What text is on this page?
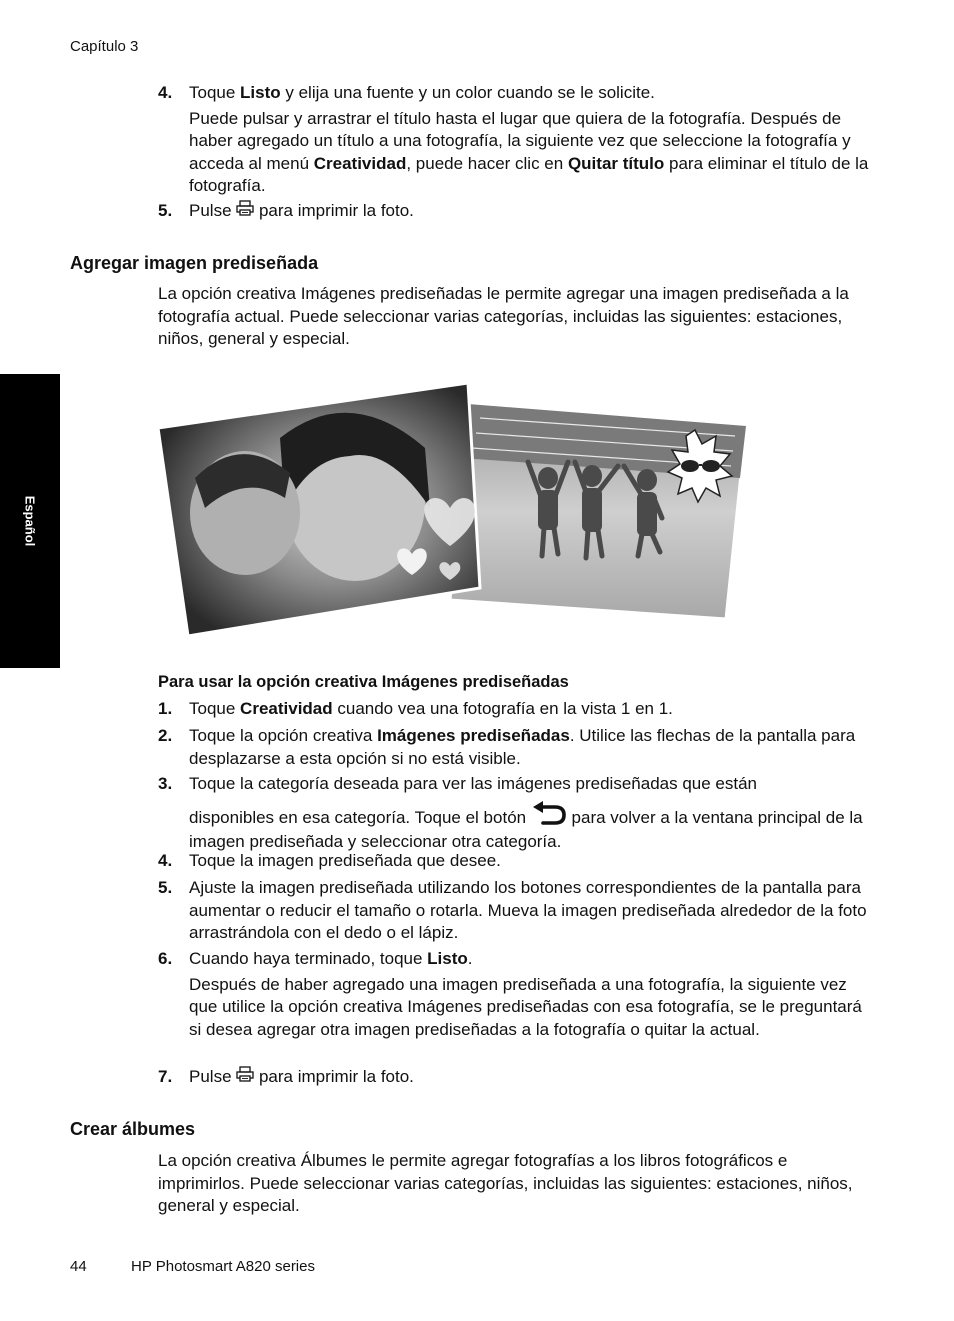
Capítulo 3
Español
4. Toque Listo y elija una fuente y un color cuando se le solicite.
Puede pulsar y arrastrar el título hasta el lugar que quiera de la fotografía. Después de haber agregado un título a una fotografía, la siguiente vez que seleccione la fotografía y acceda al menú Creatividad, puede hacer clic en Quitar título para eliminar el título de la fotografía.
5. Pulse  para imprimir la foto.
Agregar imagen prediseñada
La opción creativa Imágenes prediseñadas le permite agregar una imagen prediseñada a la fotografía actual. Puede seleccionar varias categorías, incluidas las siguientes: estaciones, niños, general y especial.
Para usar la opción creativa Imágenes prediseñadas
1. Toque Creatividad cuando vea una fotografía en la vista 1 en 1.
2. Toque la opción creativa Imágenes prediseñadas. Utilice las flechas de la pantalla para desplazarse a esta opción si no está visible.
3. Toque la categoría deseada para ver las imágenes prediseñadas que están
disponibles en esa categoría. Toque el botón  para volver a la ventana principal de la imagen prediseñada y seleccionar otra categoría.
4. Toque la imagen prediseñada que desee.
5. Ajuste la imagen prediseñada utilizando los botones correspondientes de la pantalla para aumentar o reducir el tamaño o rotarla. Mueva la imagen prediseñada alrededor de la foto arrastrándola con el dedo o el lápiz.
6. Cuando haya terminado, toque Listo.
Después de haber agregado una imagen prediseñada a una fotografía, la siguiente vez que utilice la opción creativa Imágenes prediseñadas con esa fotografía, se le preguntará si desea agregar otra imagen prediseñadas a la fotografía o quitar la actual.
7. Pulse  para imprimir la foto.
Crear álbumes
La opción creativa Álbumes le permite agregar fotografías a los libros fotográficos e imprimirlos. Puede seleccionar varias categorías, incluidas las siguientes: estaciones, niños, general y especial.
44	HP Photosmart A820 series
